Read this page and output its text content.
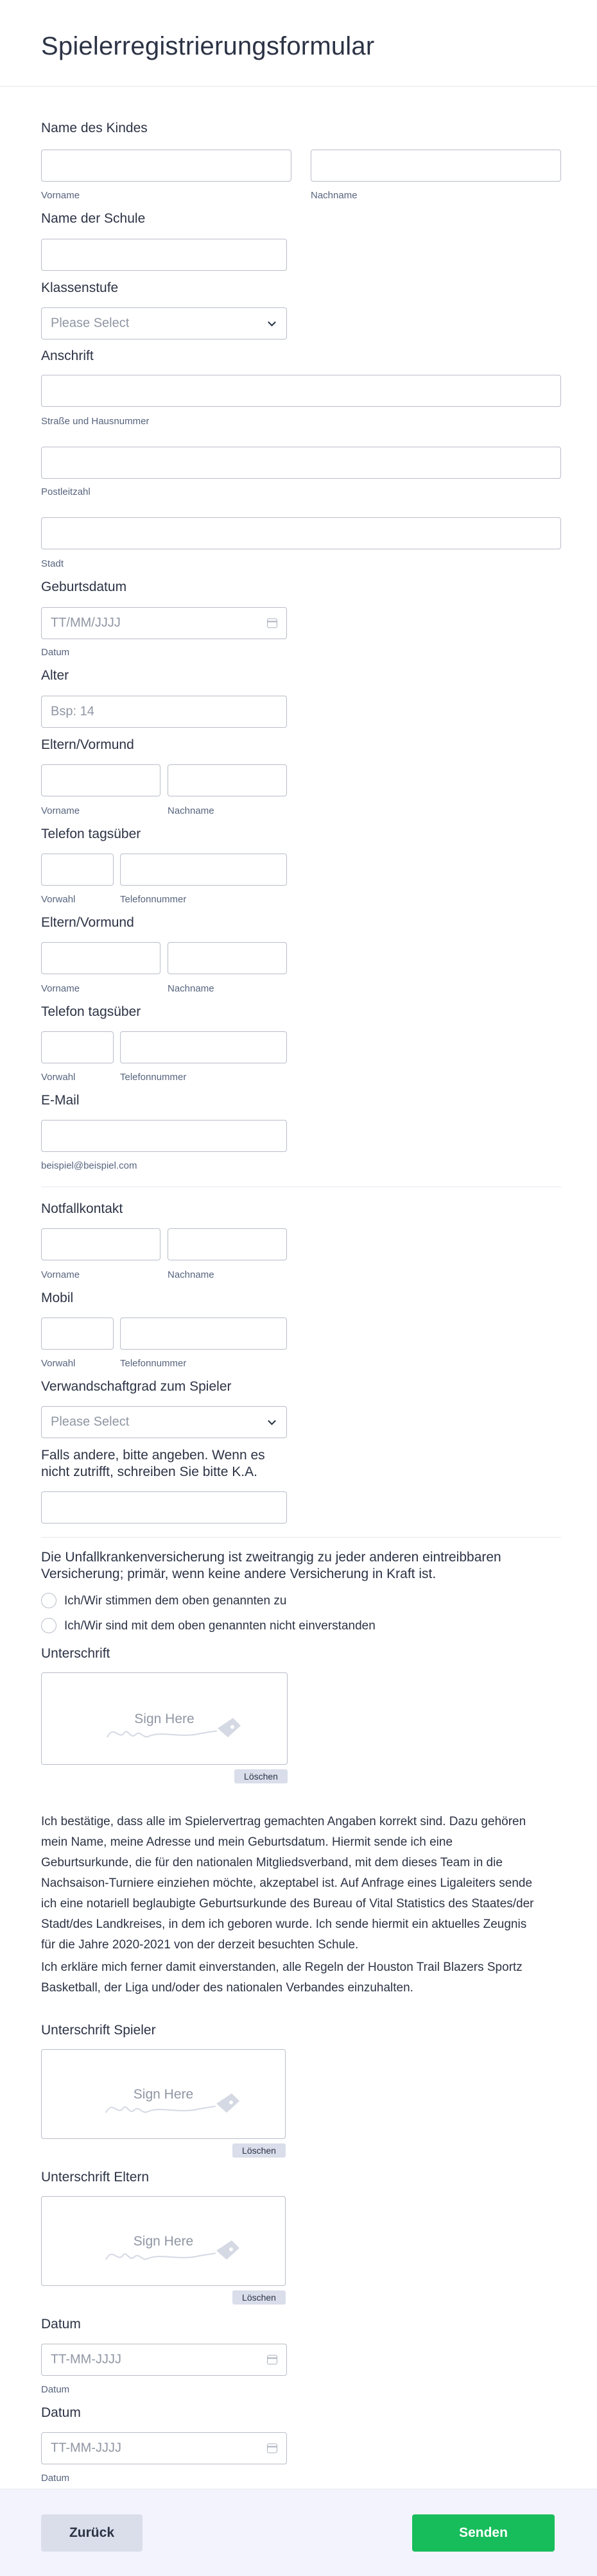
Spielerregistrierungsformular
Name des Kindes
Vorname	Nachname
Name der Schule
Klassenstufe
Please Select
Anschrift
Straße und Hausnummer
Postleitzahl
Stadt
Geburtsdatum
TT/MM/JJJJ
Datum
Alter
Bsp: 14
Eltern/Vormund
Vorname	Nachname
Telefon tagsüber
Vorwahl	Telefonnummer
Eltern/Vormund
Vorname	Nachname
Telefon tagsüber
Vorwahl	Telefonnummer
E-Mail
beispiel@beispiel.com
Notfallkontakt
Vorname	Nachname
Mobil
Vorwahl	Telefonnummer
Verwandschaftgrad zum Spieler
Please Select
Falls andere, bitte angeben. Wenn es
nicht zutrifft, schreiben Sie bitte K.A.
Die Unfallkrankenversicherung ist zweitrangig zu jeder anderen eintreibbaren
Versicherung; primär, wenn keine andere Versicherung in Kraft ist.
Ich/Wir stimmen dem oben genannten zu
Ich/Wir sind mit dem oben genannten nicht einverstanden
Unterschrift
Sign Here
Löschen
Ich bestätige, dass alle im Spielervertrag gemachten Angaben korrekt sind. Dazu gehören
mein Name, meine Adresse und mein Geburtsdatum. Hiermit sende ich eine
Geburtsurkunde, die für den nationalen Mitgliedsverband, mit dem dieses Team in die
Nachsaison-Turniere einziehen möchte, akzeptabel ist. Auf Anfrage eines Ligaleiters sende
ich eine notariell beglaubigte Geburtsurkunde des Bureau of Vital Statistics des Staates/der
Stadt/des Landkreises, in dem ich geboren wurde. Ich sende hiermit ein aktuelles Zeugnis
für die Jahre 2020-2021 von der derzeit besuchten Schule.
Ich erkläre mich ferner damit einverstanden, alle Regeln der Houston Trail Blazers Sportz
Basketball, der Liga und/oder des nationalen Verbandes einzuhalten.
Unterschrift Spieler
Sign Here
Löschen
Unterschrift Eltern
Sign Here
Löschen
Datum
TT-MM-JJJJ
Datum
Datum
TT-MM-JJJJ
Datum
Zurück	Senden
